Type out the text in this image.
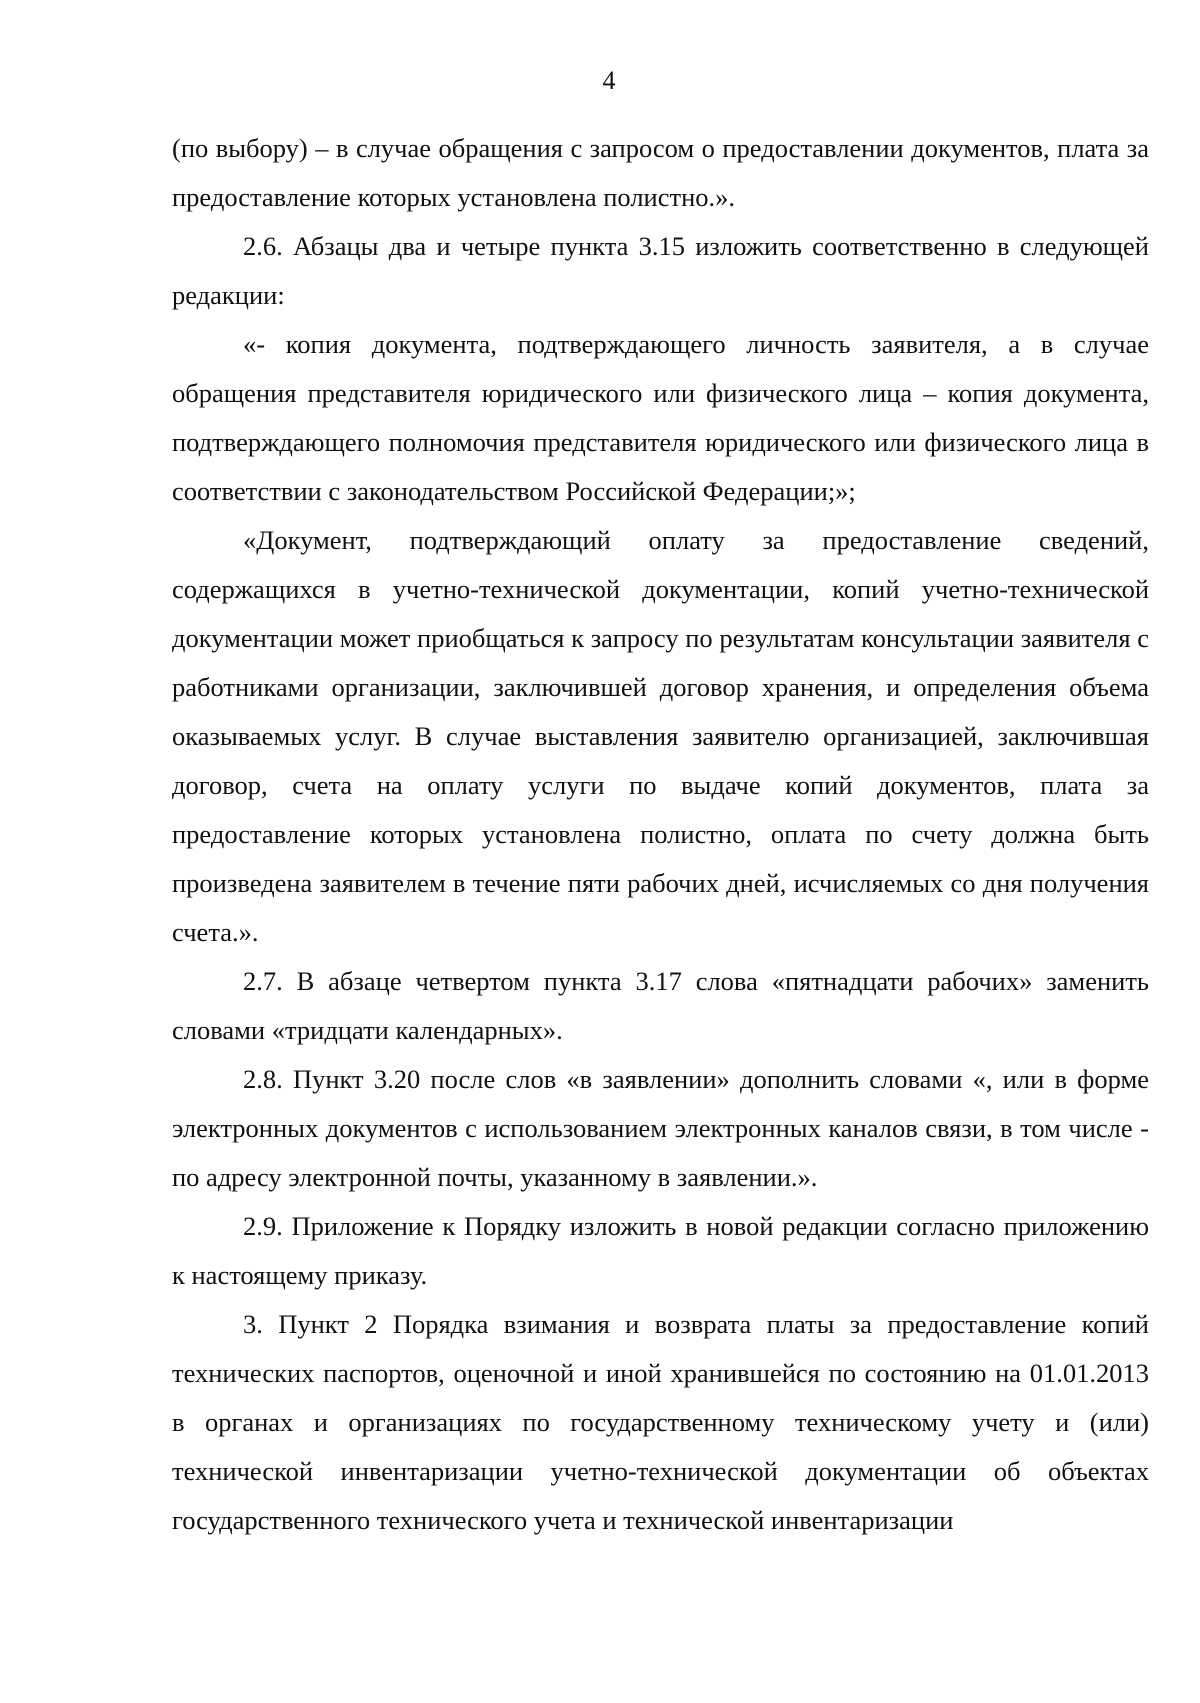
4

(по выбору) – в случае обращения с запросом о предоставлении документов, плата за предоставление которых установлена полистно.».

2.6. Абзацы два и четыре пункта 3.15 изложить соответственно в следующей редакции:

«- копия документа, подтверждающего личность заявителя, а в случае обращения представителя юридического или физического лица – копия документа, подтверждающего полномочия представителя юридического или физического лица в соответствии с законодательством Российской Федерации;»;

«Документ, подтверждающий оплату за предоставление сведений, содержащихся в учетно-технической документации, копий учетно-технической документации может приобщаться к запросу по результатам консультации заявителя с работниками организации, заключившей договор хранения, и определения объема оказываемых услуг. В случае выставления заявителю организацией, заключившая договор, счета на оплату услуги по выдаче копий документов, плата за предоставление которых установлена полистно, оплата по счету должна быть произведена заявителем в течение пяти рабочих дней, исчисляемых со дня получения счета.».

2.7. В абзаце четвертом пункта 3.17 слова «пятнадцати рабочих» заменить словами «тридцати календарных».

2.8. Пункт 3.20 после слов «в заявлении» дополнить словами «, или в форме электронных документов с использованием электронных каналов связи, в том числе - по адресу электронной почты, указанному в заявлении.».

2.9. Приложение к Порядку изложить в новой редакции согласно приложению к настоящему приказу.

3. Пункт 2 Порядка взимания и возврата платы за предоставление копий технических паспортов, оценочной и иной хранившейся по состоянию на 01.01.2013 в органах и организациях по государственному техническому учету и (или) технической инвентаризации учетно-технической документации об объектах государственного технического учета и технической инвентаризации
